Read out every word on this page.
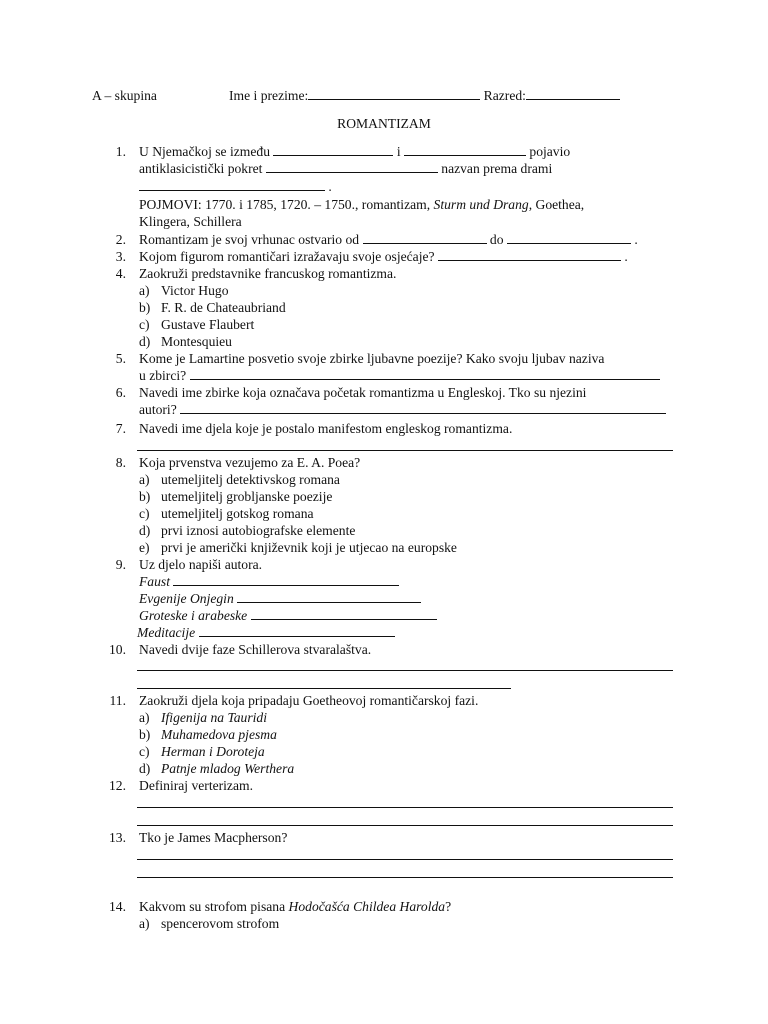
A – skupina	Ime i prezime:	Razred:
ROMANTIZAM
1. U Njemačkoj se između	i	pojavio
antiklasicistički pokret	nazvan prema drami
.
POJMOVI: 1770. i 1785, 1720. – 1750., romantizam, Sturm und Drang, Goethea,
Klingera, Schillera
2. Romantizam je svoj vrhunac ostvario od	do	.
3. Kojom figurom romantičari izražavaju svoje osjećaje?	.
4. Zaokruži predstavnike francuskog romantizma.
a) Victor Hugo
b) F. R. de Chateaubriand
c) Gustave Flaubert
d) Montesquieu
5. Kome je Lamartine posvetio svoje zbirke ljubavne poezije? Kako svoju ljubav naziva
u zbirci?
6. Navedi ime zbirke koja označava početak romantizma u Engleskoj. Tko su njezini
autori?
7. Navedi ime djela koje je postalo manifestom engleskog romantizma.
8. Koja prvenstva vezujemo za E. A. Poea?
a) utemeljitelj detektivskog romana
b) utemeljitelj grobljanske poezije
c) utemeljitelj gotskog romana
d) prvi iznosi autobiografske elemente
e) prvi je američki književnik koji je utjecao na europske
9. Uz djelo napiši autora.
Faust
Evgenije Onjegin
Groteske i arabeske
Meditacije
10. Navedi dvije faze Schillerova stvaralaštva.
11. Zaokruži djela koja pripadaju Goetheovoj romantičarskoj fazi.
a) Ifigenija na Tauridi
b) Muhamedova pjesma
c) Herman i Doroteja
d) Patnje mladog Werthera
12. Definiraj verterizam.
13. Tko je James Macpherson?
14. Kakvom su strofom pisana Hodočašća Childea Harolda?
a) spencerovom strofom
